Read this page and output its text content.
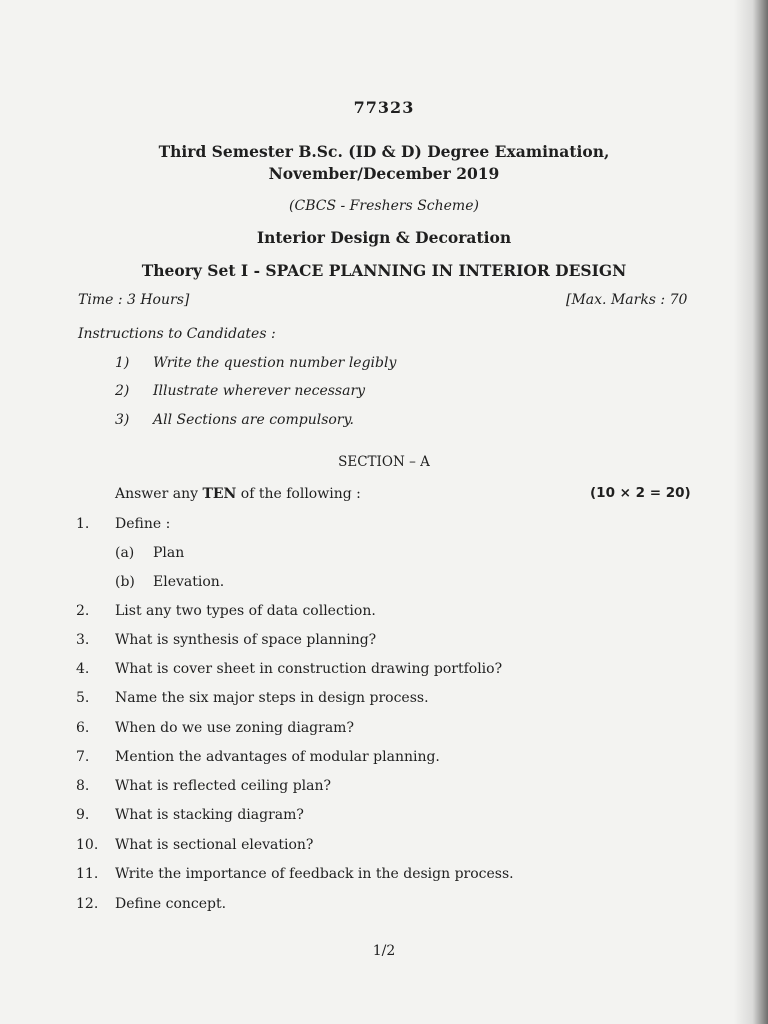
77323
Third Semester B.Sc. (ID & D) Degree Examination,
November/December 2019
(CBCS - Freshers Scheme)
Interior Design & Decoration
Theory Set I - SPACE PLANNING IN INTERIOR DESIGN
Time : 3 Hours]	[Max. Marks : 70
Instructions to Candidates :
1) Write the question number legibly
2) Illustrate wherever necessary
3) All Sections are compulsory.
SECTION – A
Answer any TEN of the following :	(10 × 2 = 20)
1. Define :
(a) Plan
(b) Elevation.
2. List any two types of data collection.
3. What is synthesis of space planning?
4. What is cover sheet in construction drawing portfolio?
5. Name the six major steps in design process.
6. When do we use zoning diagram?
7. Mention the advantages of modular planning.
8. What is reflected ceiling plan?
9. What is stacking diagram?
10. What is sectional elevation?
11. Write the importance of feedback in the design process.
12. Define concept.
1/2
